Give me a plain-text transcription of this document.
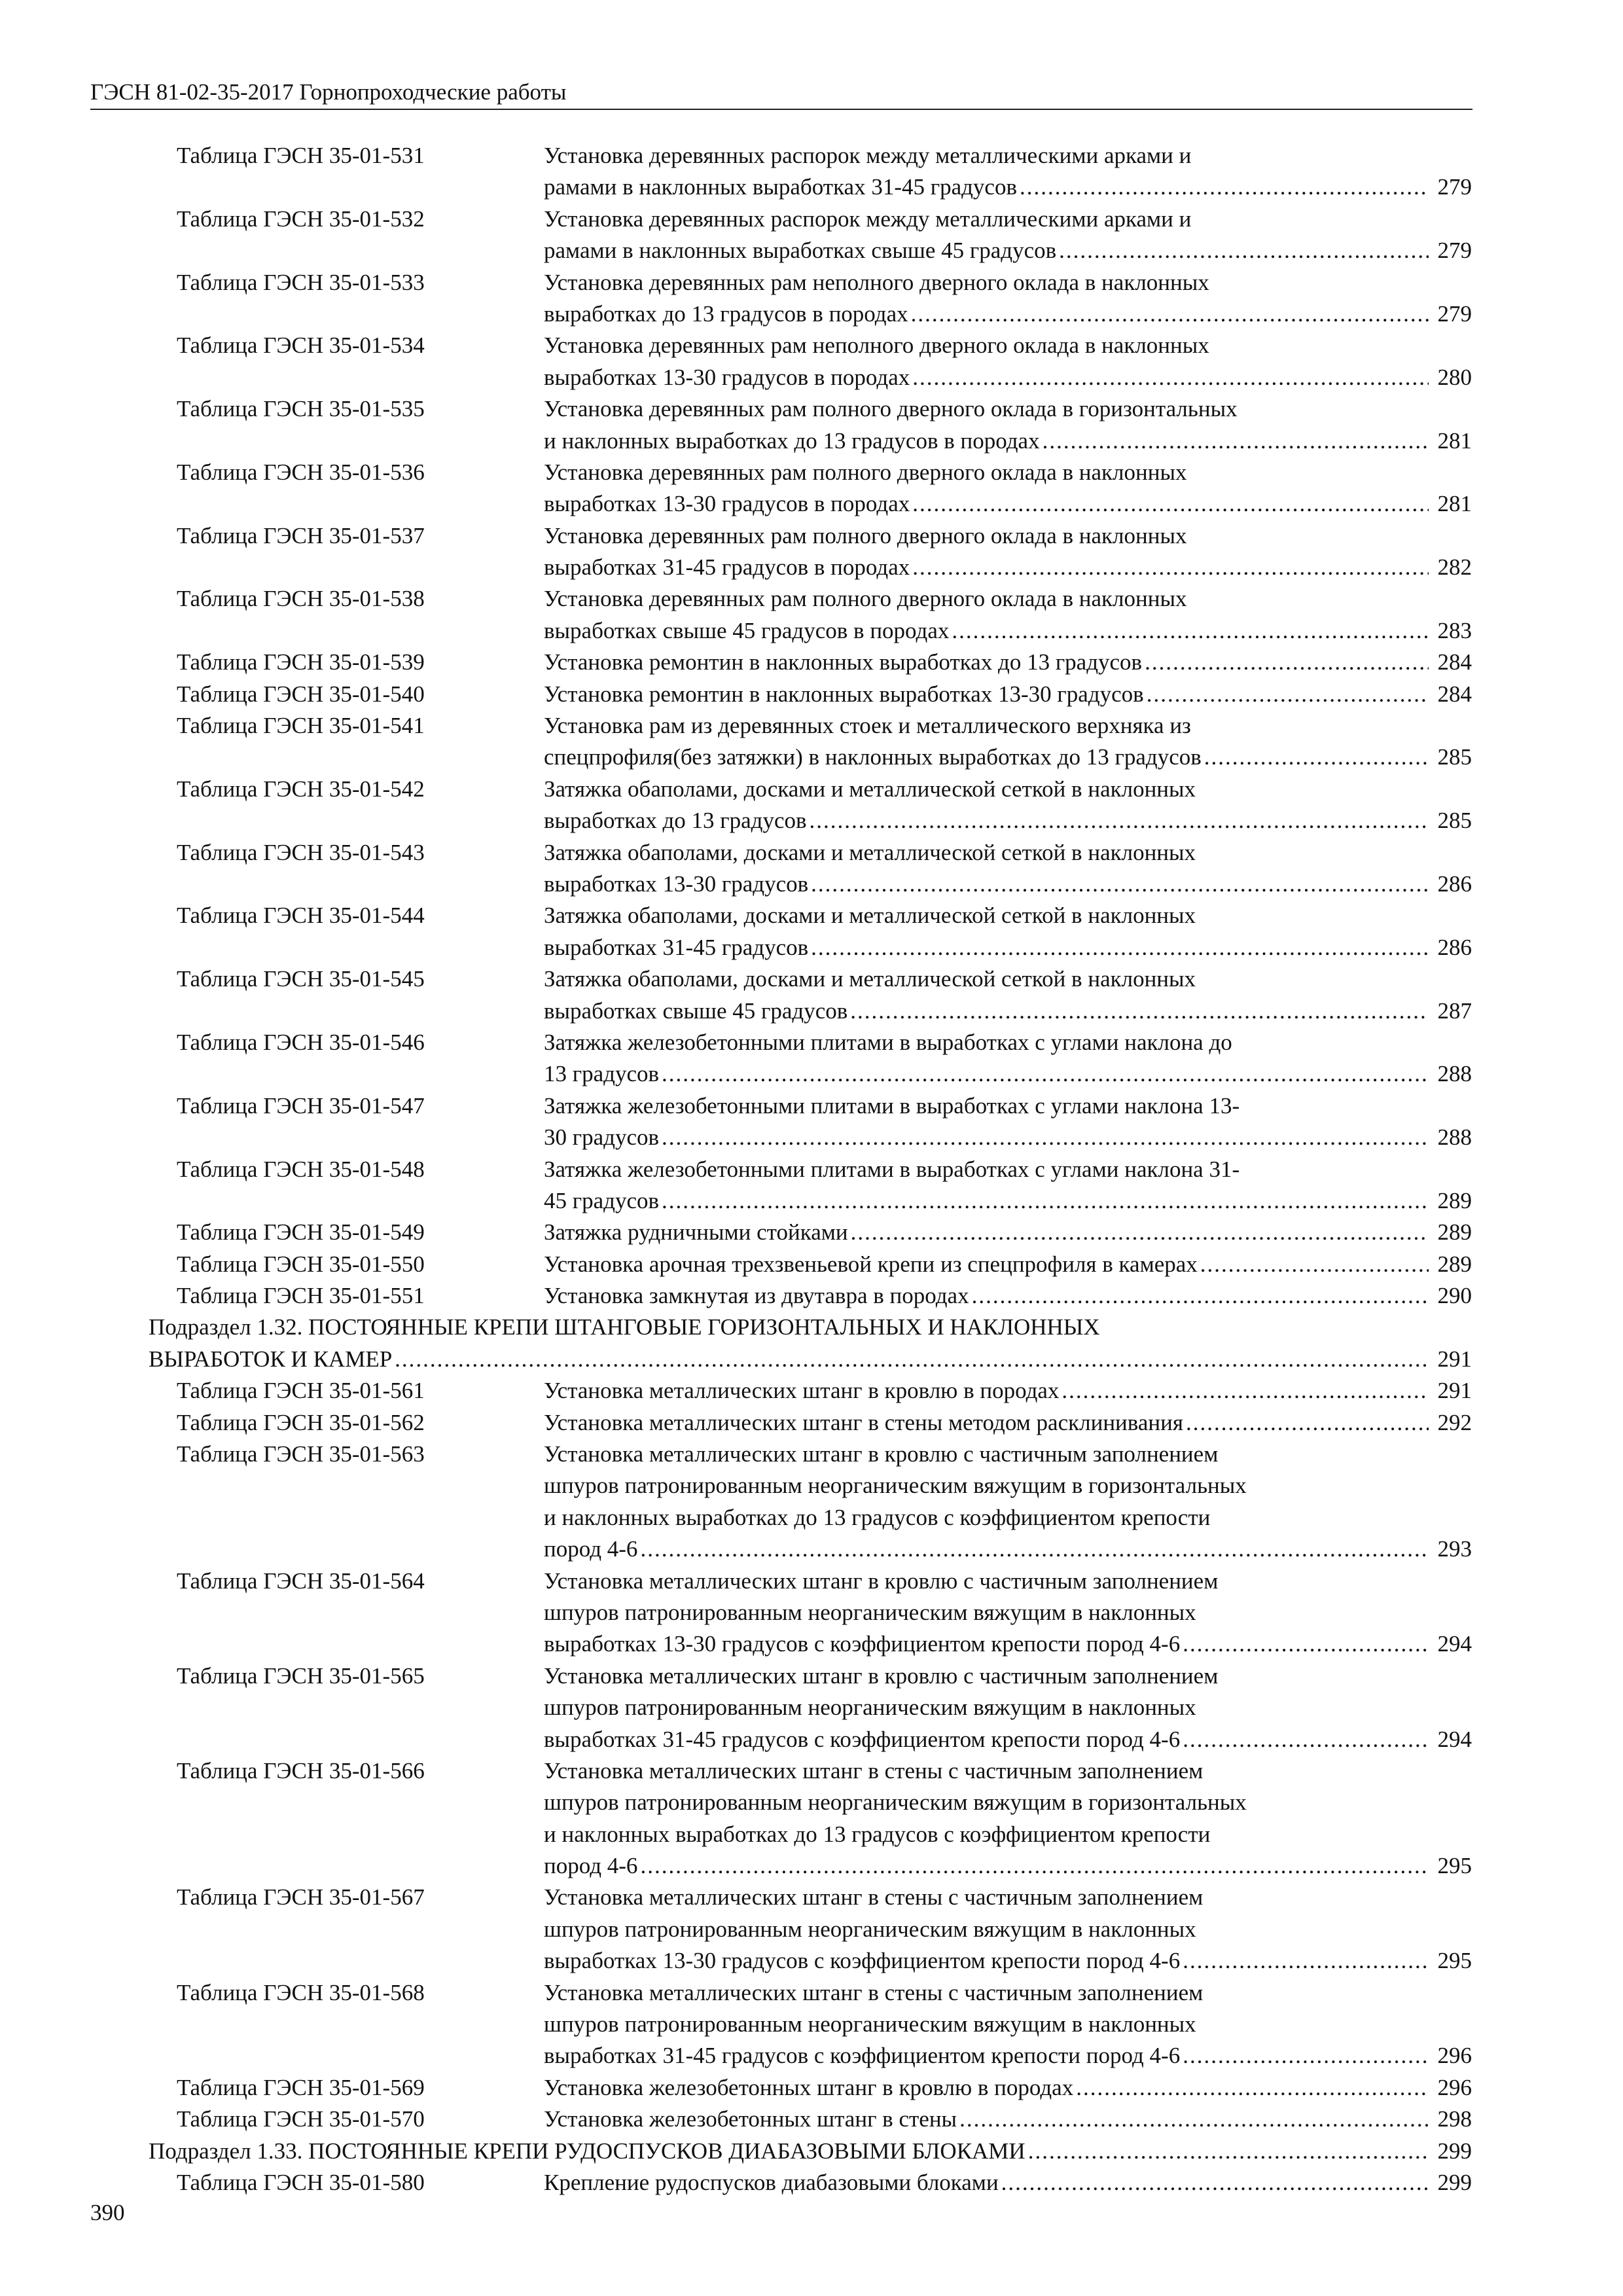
ГЭСН 81-02-35-2017 Горнопроходческие работы
Таблица ГЭСН 35-01-531	Установка деревянных распорок между металлическими арками и
рамами в наклонных выработках 31-45 градусов .....	279
Таблица ГЭСН 35-01-532	Установка деревянных распорок между металлическими арками и
рамами в наклонных выработках свыше 45 градусов .....	279
Таблица ГЭСН 35-01-533	Установка деревянных рам неполного дверного оклада в наклонных
выработках до 13 градусов в породах .....	279
Таблица ГЭСН 35-01-534	Установка деревянных рам неполного дверного оклада в наклонных
выработках 13-30 градусов в породах .....	280
Таблица ГЭСН 35-01-535	Установка деревянных рам полного дверного оклада в горизонтальных
и наклонных выработках до 13 градусов в породах .....	281
Таблица ГЭСН 35-01-536	Установка деревянных рам полного дверного оклада в наклонных
выработках 13-30 градусов в породах .....	281
Таблица ГЭСН 35-01-537	Установка деревянных рам полного дверного оклада в наклонных
выработках 31-45 градусов в породах .....	282
Таблица ГЭСН 35-01-538	Установка деревянных рам полного дверного оклада в наклонных
выработках свыше 45 градусов в породах .....	283
Таблица ГЭСН 35-01-539	Установка ремонтин в наклонных выработках до 13 градусов .....	284
Таблица ГЭСН 35-01-540	Установка ремонтин в наклонных выработках 13-30 градусов .....	284
Таблица ГЭСН 35-01-541	Установка рам из деревянных стоек и металлического верхняка из
спецпрофиля(без затяжки) в наклонных выработках до 13 градусов .....	285
Таблица ГЭСН 35-01-542	Затяжка обаполами, досками и металлической сеткой в наклонных
выработках до 13 градусов .....	285
Таблица ГЭСН 35-01-543	Затяжка обаполами, досками и металлической сеткой в наклонных
выработках 13-30 градусов .....	286
Таблица ГЭСН 35-01-544	Затяжка обаполами, досками и металлической сеткой в наклонных
выработках 31-45 градусов .....	286
Таблица ГЭСН 35-01-545	Затяжка обаполами, досками и металлической сеткой в наклонных
выработках свыше 45 градусов .....	287
Таблица ГЭСН 35-01-546	Затяжка железобетонными плитами в выработках с углами наклона до
13 градусов .....	288
Таблица ГЭСН 35-01-547	Затяжка железобетонными плитами в выработках с углами наклона 13-
30 градусов .....	288
Таблица ГЭСН 35-01-548	Затяжка железобетонными плитами в выработках с углами наклона 31-
45 градусов .....	289
Таблица ГЭСН 35-01-549	Затяжка рудничными стойками .....	289
Таблица ГЭСН 35-01-550	Установка арочная трехзвеньевой крепи из спецпрофиля в камерах .....	289
Таблица ГЭСН 35-01-551	Установка замкнутая из двутавра в породах .....	290
Подраздел 1.32. ПОСТОЯННЫЕ КРЕПИ ШТАНГОВЫЕ ГОРИЗОНТАЛЬНЫХ И НАКЛОННЫХ
ВЫРАБОТОК И КАМЕР .....	291
Таблица ГЭСН 35-01-561	Установка металлических штанг в кровлю в породах .....	291
Таблица ГЭСН 35-01-562	Установка металлических штанг в стены методом расклинивания .....	292
Таблица ГЭСН 35-01-563	Установка металлических штанг в кровлю с частичным заполнением
шпуров патронированным неорганическим вяжущим в горизонтальных
и наклонных выработках до 13 градусов с коэффициентом крепости
пород 4-6 .....	293
Таблица ГЭСН 35-01-564	Установка металлических штанг в кровлю с частичным заполнением
шпуров патронированным неорганическим вяжущим в наклонных
выработках 13-30 градусов с коэффициентом крепости пород 4-6 .....	294
Таблица ГЭСН 35-01-565	Установка металлических штанг в кровлю с частичным заполнением
шпуров патронированным неорганическим вяжущим в наклонных
выработках 31-45 градусов с коэффициентом крепости пород 4-6 .....	294
Таблица ГЭСН 35-01-566	Установка металлических штанг в стены с частичным заполнением
шпуров патронированным неорганическим вяжущим в горизонтальных
и наклонных выработках до 13 градусов с коэффициентом крепости
пород 4-6 .....	295
Таблица ГЭСН 35-01-567	Установка металлических штанг в стены с частичным заполнением
шпуров патронированным неорганическим вяжущим в наклонных
выработках 13-30 градусов с коэффициентом крепости пород 4-6 .....	295
Таблица ГЭСН 35-01-568	Установка металлических штанг в стены с частичным заполнением
шпуров патронированным неорганическим вяжущим в наклонных
выработках 31-45 градусов с коэффициентом крепости пород 4-6 .....	296
Таблица ГЭСН 35-01-569	Установка железобетонных штанг в кровлю в породах .....	296
Таблица ГЭСН 35-01-570	Установка железобетонных штанг в стены .....	298
Подраздел 1.33. ПОСТОЯННЫЕ КРЕПИ РУДОСПУСКОВ ДИАБАЗОВЫМИ БЛОКАМИ .....	299
Таблица ГЭСН 35-01-580	Крепление рудоспусков диабазовыми блоками .....	299
390
